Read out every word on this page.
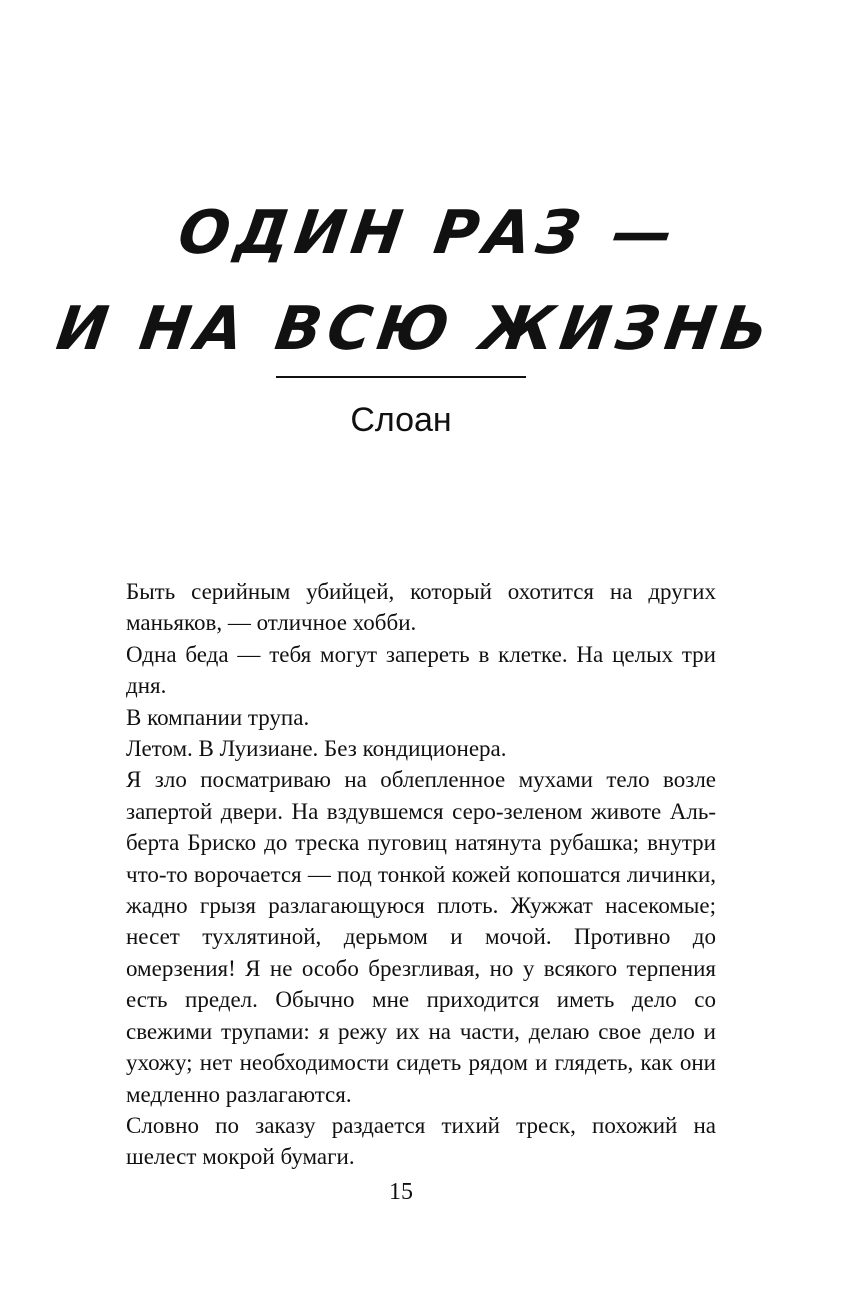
ОДИН РАЗ —
И НА ВСЮ ЖИЗНЬ
Слоан

Быть серийным убийцей, который охотится на других маньяков, — отличное хобби.

Одна беда — тебя могут запереть в клетке. На целых три дня.

В компании трупа.

Летом. В Луизиане. Без кондиционера.

Я зло посматриваю на облепленное мухами тело возле запертой двери. На вздувшемся серо-зеленом животе Альберта Бриско до треска пуговиц натянута рубашка; внутри что-то ворочается — под тонкой кожей копошатся личинки, жадно грызя разлагающуюся плоть. Жужжат насекомые; несет тухлятиной, дерьмом и мочой. Противно до омерзения! Я не особо брезгливая, но у всякого терпения есть предел. Обычно мне приходится иметь дело со свежими трупами: я режу их на части, делаю свое дело и ухожу; нет необходимости сидеть рядом и глядеть, как они медленно разлагаются.

Словно по заказу раздается тихий треск, похожий на шелест мокрой бумаги.

15
